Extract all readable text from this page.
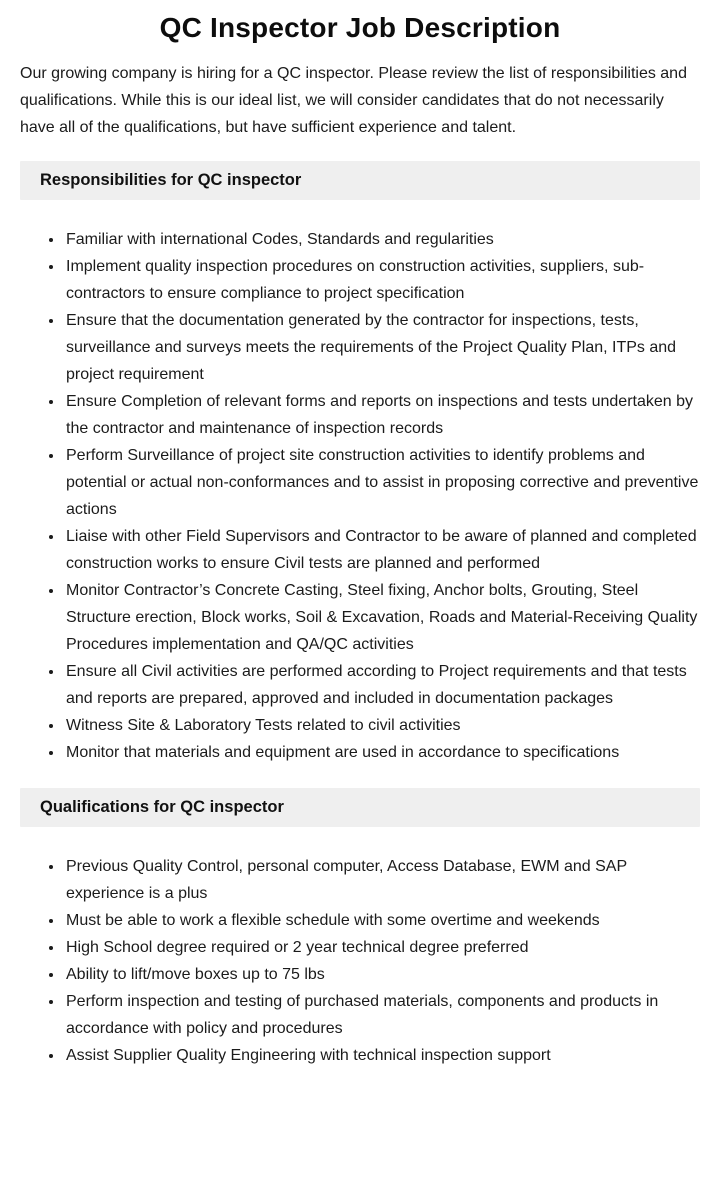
QC Inspector Job Description

Our growing company is hiring for a QC inspector. Please review the list of responsibilities and qualifications. While this is our ideal list, we will consider candidates that do not necessarily have all of the qualifications, but have sufficient experience and talent.

Responsibilities for QC inspector
• Familiar with international Codes, Standards and regularities
• Implement quality inspection procedures on construction activities, suppliers, sub-contractors to ensure compliance to project specification
• Ensure that the documentation generated by the contractor for inspections, tests, surveillance and surveys meets the requirements of the Project Quality Plan, ITPs and project requirement
• Ensure Completion of relevant forms and reports on inspections and tests undertaken by the contractor and maintenance of inspection records
• Perform Surveillance of project site construction activities to identify problems and potential or actual non-conformances and to assist in proposing corrective and preventive actions
• Liaise with other Field Supervisors and Contractor to be aware of planned and completed construction works to ensure Civil tests are planned and performed
• Monitor Contractor’s Concrete Casting, Steel fixing, Anchor bolts, Grouting, Steel Structure erection, Block works, Soil & Excavation, Roads and Material-Receiving Quality Procedures implementation and QA/QC activities
• Ensure all Civil activities are performed according to Project requirements and that tests and reports are prepared, approved and included in documentation packages
• Witness Site & Laboratory Tests related to civil activities
• Monitor that materials and equipment are used in accordance to specifications
Qualifications for QC inspector
• Previous Quality Control, personal computer, Access Database, EWM and SAP experience is a plus
• Must be able to work a flexible schedule with some overtime and weekends
• High School degree required or 2 year technical degree preferred
• Ability to lift/move boxes up to 75 lbs
• Perform inspection and testing of purchased materials, components and products in accordance with policy and procedures
• Assist Supplier Quality Engineering with technical inspection support
